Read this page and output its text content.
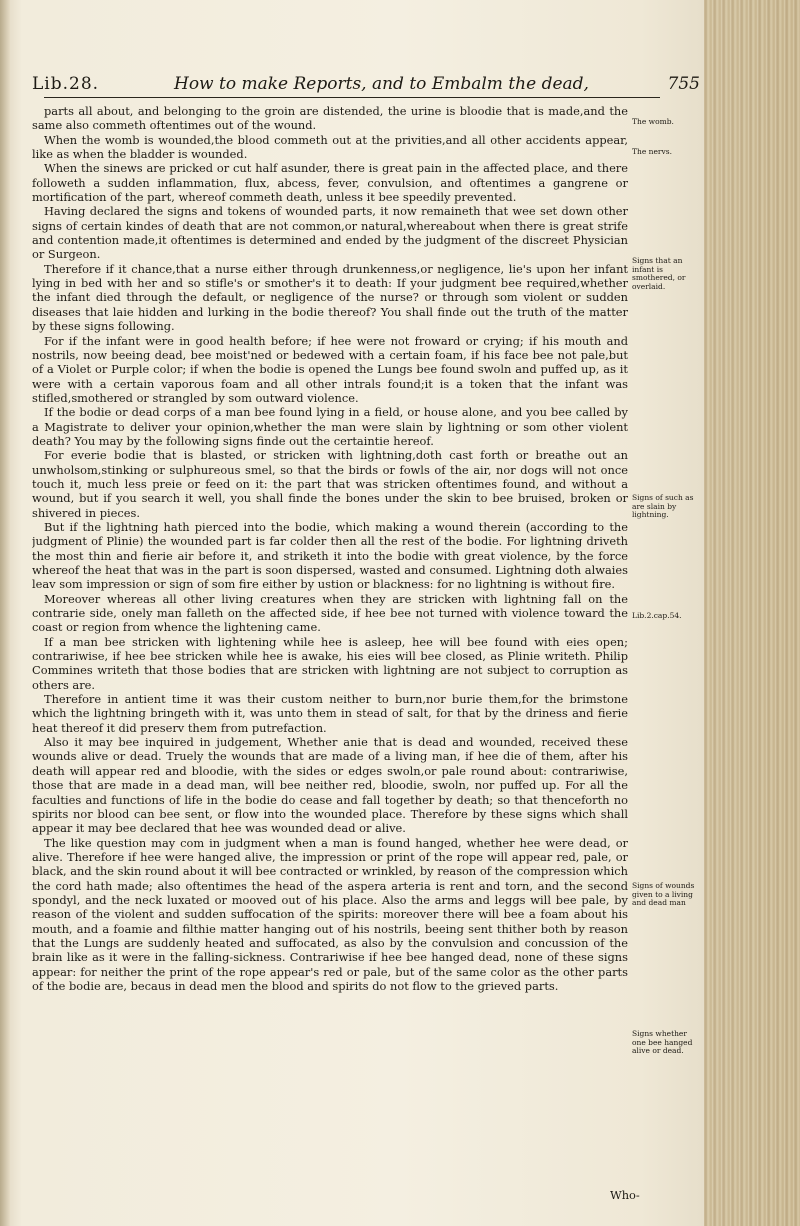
Lib.28.	How to make Reports, and to Embalm the dead,	755

parts all about, and belonging to the groin are distended, the urine is bloodie that is made,and the same also commeth oftentimes out of the wound.

When the womb is wounded,the blood commeth out at the privities,and all other accidents appear, like as when the bladder is wounded.

When the sinews are pricked or cut half asunder, there is great pain in the affected place, and there followeth a sudden inflammation, flux, abcess, fever, convulsion, and oftentimes a gangrene or mortification of the part, whereof commeth death, unless it bee speedily prevented.

Having declared the signs and tokens of wounded parts, it now remaineth that wee set down other signs of certain kindes of death that are not common,or natural,whereabout when there is great strife and contention made,it oftentimes is determined and ended by the judgment of the discreet Physician or Surgeon.

Therefore if it chance,that a nurse either through drunkenness,or negligence, lie's upon her infant lying in bed with her and so stifle's or smother's it to death: If your judgment bee required,whether the infant died through the default, or negligence of the nurse? or through som violent or sudden diseases that laie hidden and lurking in the bodie thereof? You shall finde out the truth of the matter by these signs following.

For if the infant were in good health before; if hee were not froward or crying; if his mouth and nostrils, now beeing dead, bee moist'ned or bedewed with a certain foam, if his face bee not pale,but of a Violet or Purple color; if when the bodie is opened the Lungs bee found swoln and puffed up, as it were with a certain vaporous foam and all other intrals found;it is a token that the infant was stifled,smothered or strangled by som outward violence.

If the bodie or dead corps of a man bee found lying in a field, or house alone, and you bee called by a Magistrate to deliver your opinion,whether the man were slain by lightning or som other violent death? You may by the following signs finde out the certaintie hereof.

For everie bodie that is blasted, or stricken with lightning,doth cast forth or breathe out an unwholsom,stinking or sulphureous smel, so that the birds or fowls of the air, nor dogs will not once touch it, much less preie or feed on it: the part that was stricken oftentimes found, and without a wound, but if you search it well, you shall finde the bones under the skin to bee bruised, broken or shivered in pieces.

But if the lightning hath pierced into the bodie, which making a wound therein (according to the judgment of Plinie) the wounded part is far colder then all the rest of the bodie. For lightning driveth the most thin and fierie air before it, and striketh it into the bodie with great violence, by the force whereof the heat that was in the part is soon dispersed, wasted and consumed. Lightning doth alwaies leav som impression or sign of som fire either by ustion or blackness: for no lightning is without fire.

Moreover whereas all other living creatures when they are stricken with lightning fall on the contrarie side, onely man falleth on the affected side, if hee bee not turned with violence toward the coast or region from whence the lightening came.

If a man bee stricken with lightening while hee is asleep, hee will bee found with eies open; contrariwise, if hee bee stricken while hee is awake, his eies will bee closed, as Plinie writeth. Philip Commines writeth that those bodies that are stricken with lightning are not subject to corruption as others are.

Therefore in antient time it was their custom neither to burn,nor burie them,for the brimstone which the lightning bringeth with it, was unto them in stead of salt, for that by the driness and fierie heat thereof it did preserv them from putrefaction.

Also it may bee inquired in judgement, Whether anie that is dead and wounded, received these wounds alive or dead. Truely the wounds that are made of a living man, if hee die of them, after his death will appear red and bloodie, with the sides or edges swoln,or pale round about: contrariwise, those that are made in a dead man, will bee neither red, bloodie, swoln, nor puffed up. For all the faculties and functions of life in the bodie do cease and fall together by death; so that thenceforth no spirits nor blood can bee sent, or flow into the wounded place. Therefore by these signs which shall appear it may bee declared that hee was wounded dead or alive.

The like question may com in judgment when a man is found hanged, whether hee were dead, or alive. Therefore if hee were hanged alive, the impression or print of the rope will appear red, pale, or black, and the skin round about it will bee contracted or wrinkled, by reason of the compression which the cord hath made; also oftentimes the head of the aspera arteria is rent and torn, and the second spondyl, and the neck luxated or mooved out of his place. Also the arms and leggs will bee pale, by reason of the violent and sudden suffocation of the spirits: moreover there will bee a foam about his mouth, and a foamie and filthie matter hanging out of his nostrils, beeing sent thither both by reason that the Lungs are suddenly heated and suffocated, as also by the convulsion and concussion of the brain like as it were in the falling-sickness. Contrariwise if hee bee hanged dead, none of these signs appear: for neither the print of the rope appear's red or pale, but of the same color as the other parts of the bodie are, becaus in dead men the blood and spirits do not flow to the grieved parts.

The womb.
The nervs.
Signs that an infant is smothered, or overlaid.
Signs of such as are slain by lightning.
Lib.2.cap.54.
Signs of wounds given to a living and dead man
Signs whether one bee hanged alive or dead.
Who-
